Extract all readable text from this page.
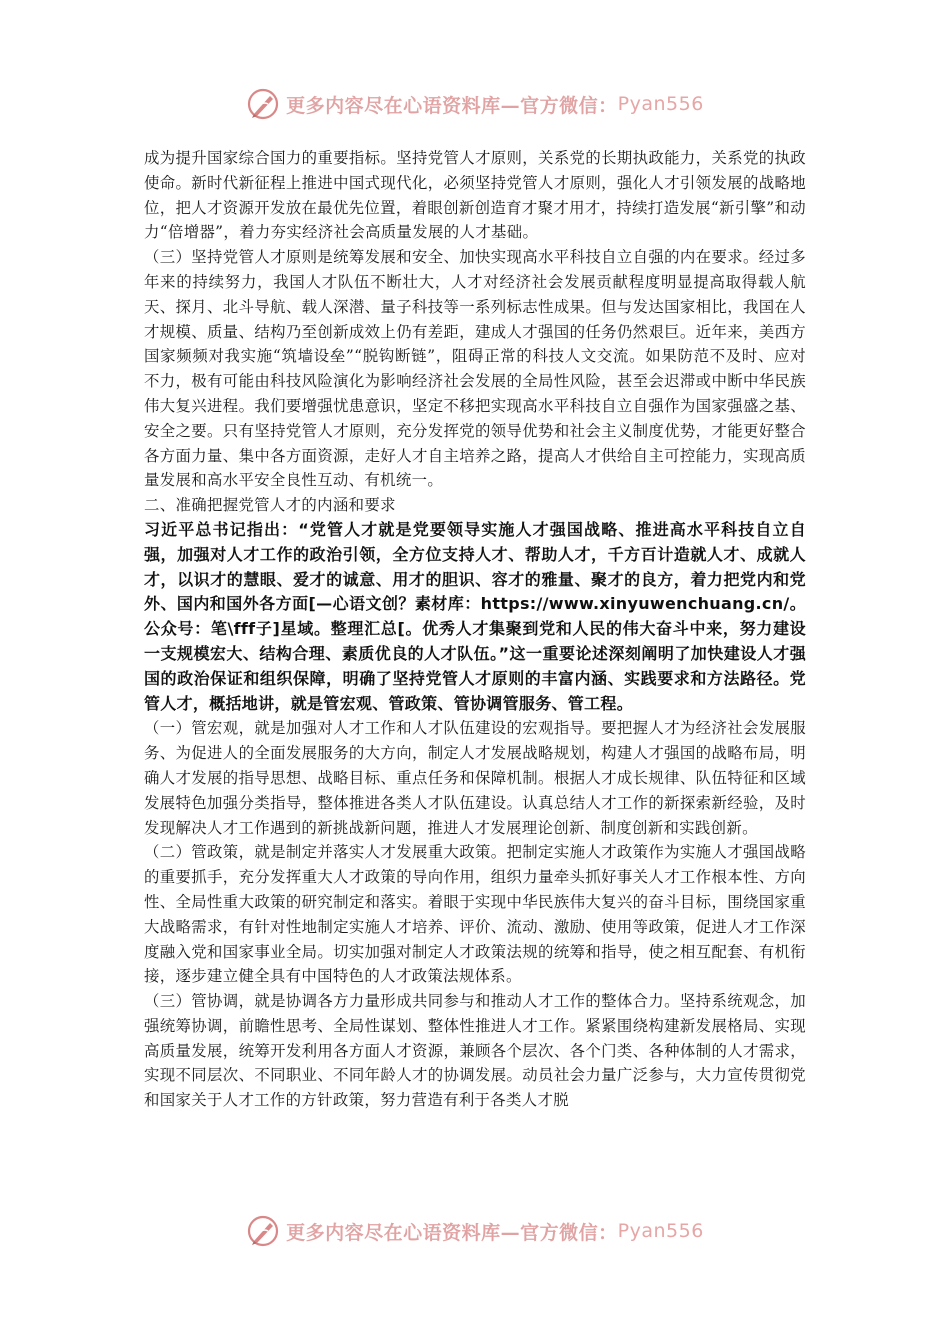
更多内容尽在心语资料库—官方微信： Pyan556

成为提升国家综合国力的重要指标。坚持党管人才原则，关系党的长期执政能力，关系党的执政使命。新时代新征程上推进中国式现代化，必须坚持党管人才原则，强化人才引领发展的战略地位，把人才资源开发放在最优先位置，着眼创新创造育才聚才用才，持续打造发展“新引擎”和动力“倍增器”，着力夯实经济社会高质量发展的人才基础。

（三）坚持党管人才原则是统筹发展和安全、加快实现高水平科技自立自强的内在要求。经过多年来的持续努力，我国人才队伍不断壮大，人才对经济社会发展贡献程度明显提高取得载人航天、探月、北斗导航、载人深潜、量子科技等一系列标志性成果。但与发达国家相比，我国在人才规模、质量、结构乃至创新成效上仍有差距，建成人才强国的任务仍然艰巨。近年来，美西方国家频频对我实施“筑墙设垒”“脱钩断链”，阻碍正常的科技人文交流。如果防范不及时、应对不力，极有可能由科技风险演化为影响经济社会发展的全局性风险，甚至会迟滞或中断中华民族伟大复兴进程。我们要增强忧患意识，坚定不移把实现高水平科技自立自强作为国家强盛之基、安全之要。只有坚持党管人才原则，充分发挥党的领导优势和社会主义制度优势，才能更好整合各方面力量、集中各方面资源，走好人才自主培养之路，提高人才供给自主可控能力，实现高质量发展和高水平安全良性互动、有机统一。

二、准确把握党管人才的内涵和要求

习近平总书记指出：“党管人才就是党要领导实施人才强国战略、推进高水平科技自立自强，加强对人才工作的政治引领，全方位支持人才、帮助人才，千方百计造就人才、成就人才，以识才的慧眼、爱才的诚意、用才的胆识、容才的雅量、聚才的良方，着力把党内和党外、国内和国外各方面[—心语文创？素材库：https://www.xinyuwenchuang.cn/。公众号：笔\fff子]星域。整理汇总[。优秀人才集聚到党和人民的伟大奋斗中来，努力建设一支规模宏大、结构合理、素质优良的人才队伍。”这一重要论述深刻阐明了加快建设人才强国的政治保证和组织保障，明确了坚持党管人才原则的丰富内涵、实践要求和方法路径。党管人才，概括地讲，就是管宏观、管政策、管协调管服务、管工程。

（一）管宏观，就是加强对人才工作和人才队伍建设的宏观指导。要把握人才为经济社会发展服务、为促进人的全面发展服务的大方向，制定人才发展战略规划，构建人才强国的战略布局，明确人才发展的指导思想、战略目标、重点任务和保障机制。根据人才成长规律、队伍特征和区域发展特色加强分类指导，整体推进各类人才队伍建设。认真总结人才工作的新探索新经验，及时发现解决人才工作遇到的新挑战新问题，推进人才发展理论创新、制度创新和实践创新。

（二）管政策，就是制定并落实人才发展重大政策。把制定实施人才政策作为实施人才强国战略的重要抓手，充分发挥重大人才政策的导向作用，组织力量牵头抓好事关人才工作根本性、方向性、全局性重大政策的研究制定和落实。着眼于实现中华民族伟大复兴的奋斗目标，围绕国家重大战略需求，有针对性地制定实施人才培养、评价、流动、激励、使用等政策，促进人才工作深度融入党和国家事业全局。切实加强对制定人才政策法规的统筹和指导，使之相互配套、有机衔接，逐步建立健全具有中国特色的人才政策法规体系。

（三）管协调，就是协调各方力量形成共同参与和推动人才工作的整体合力。坚持系统观念，加强统筹协调，前瞻性思考、全局性谋划、整体性推进人才工作。紧紧围绕构建新发展格局、实现高质量发展，统筹开发利用各方面人才资源，兼顾各个层次、各个门类、各种体制的人才需求，实现不同层次、不同职业、不同年龄人才的协调发展。动员社会力量广泛参与，大力宣传贯彻党和国家关于人才工作的方针政策，努力营造有利于各类人才脱

更多内容尽在心语资料库—官方微信： Pyan556
